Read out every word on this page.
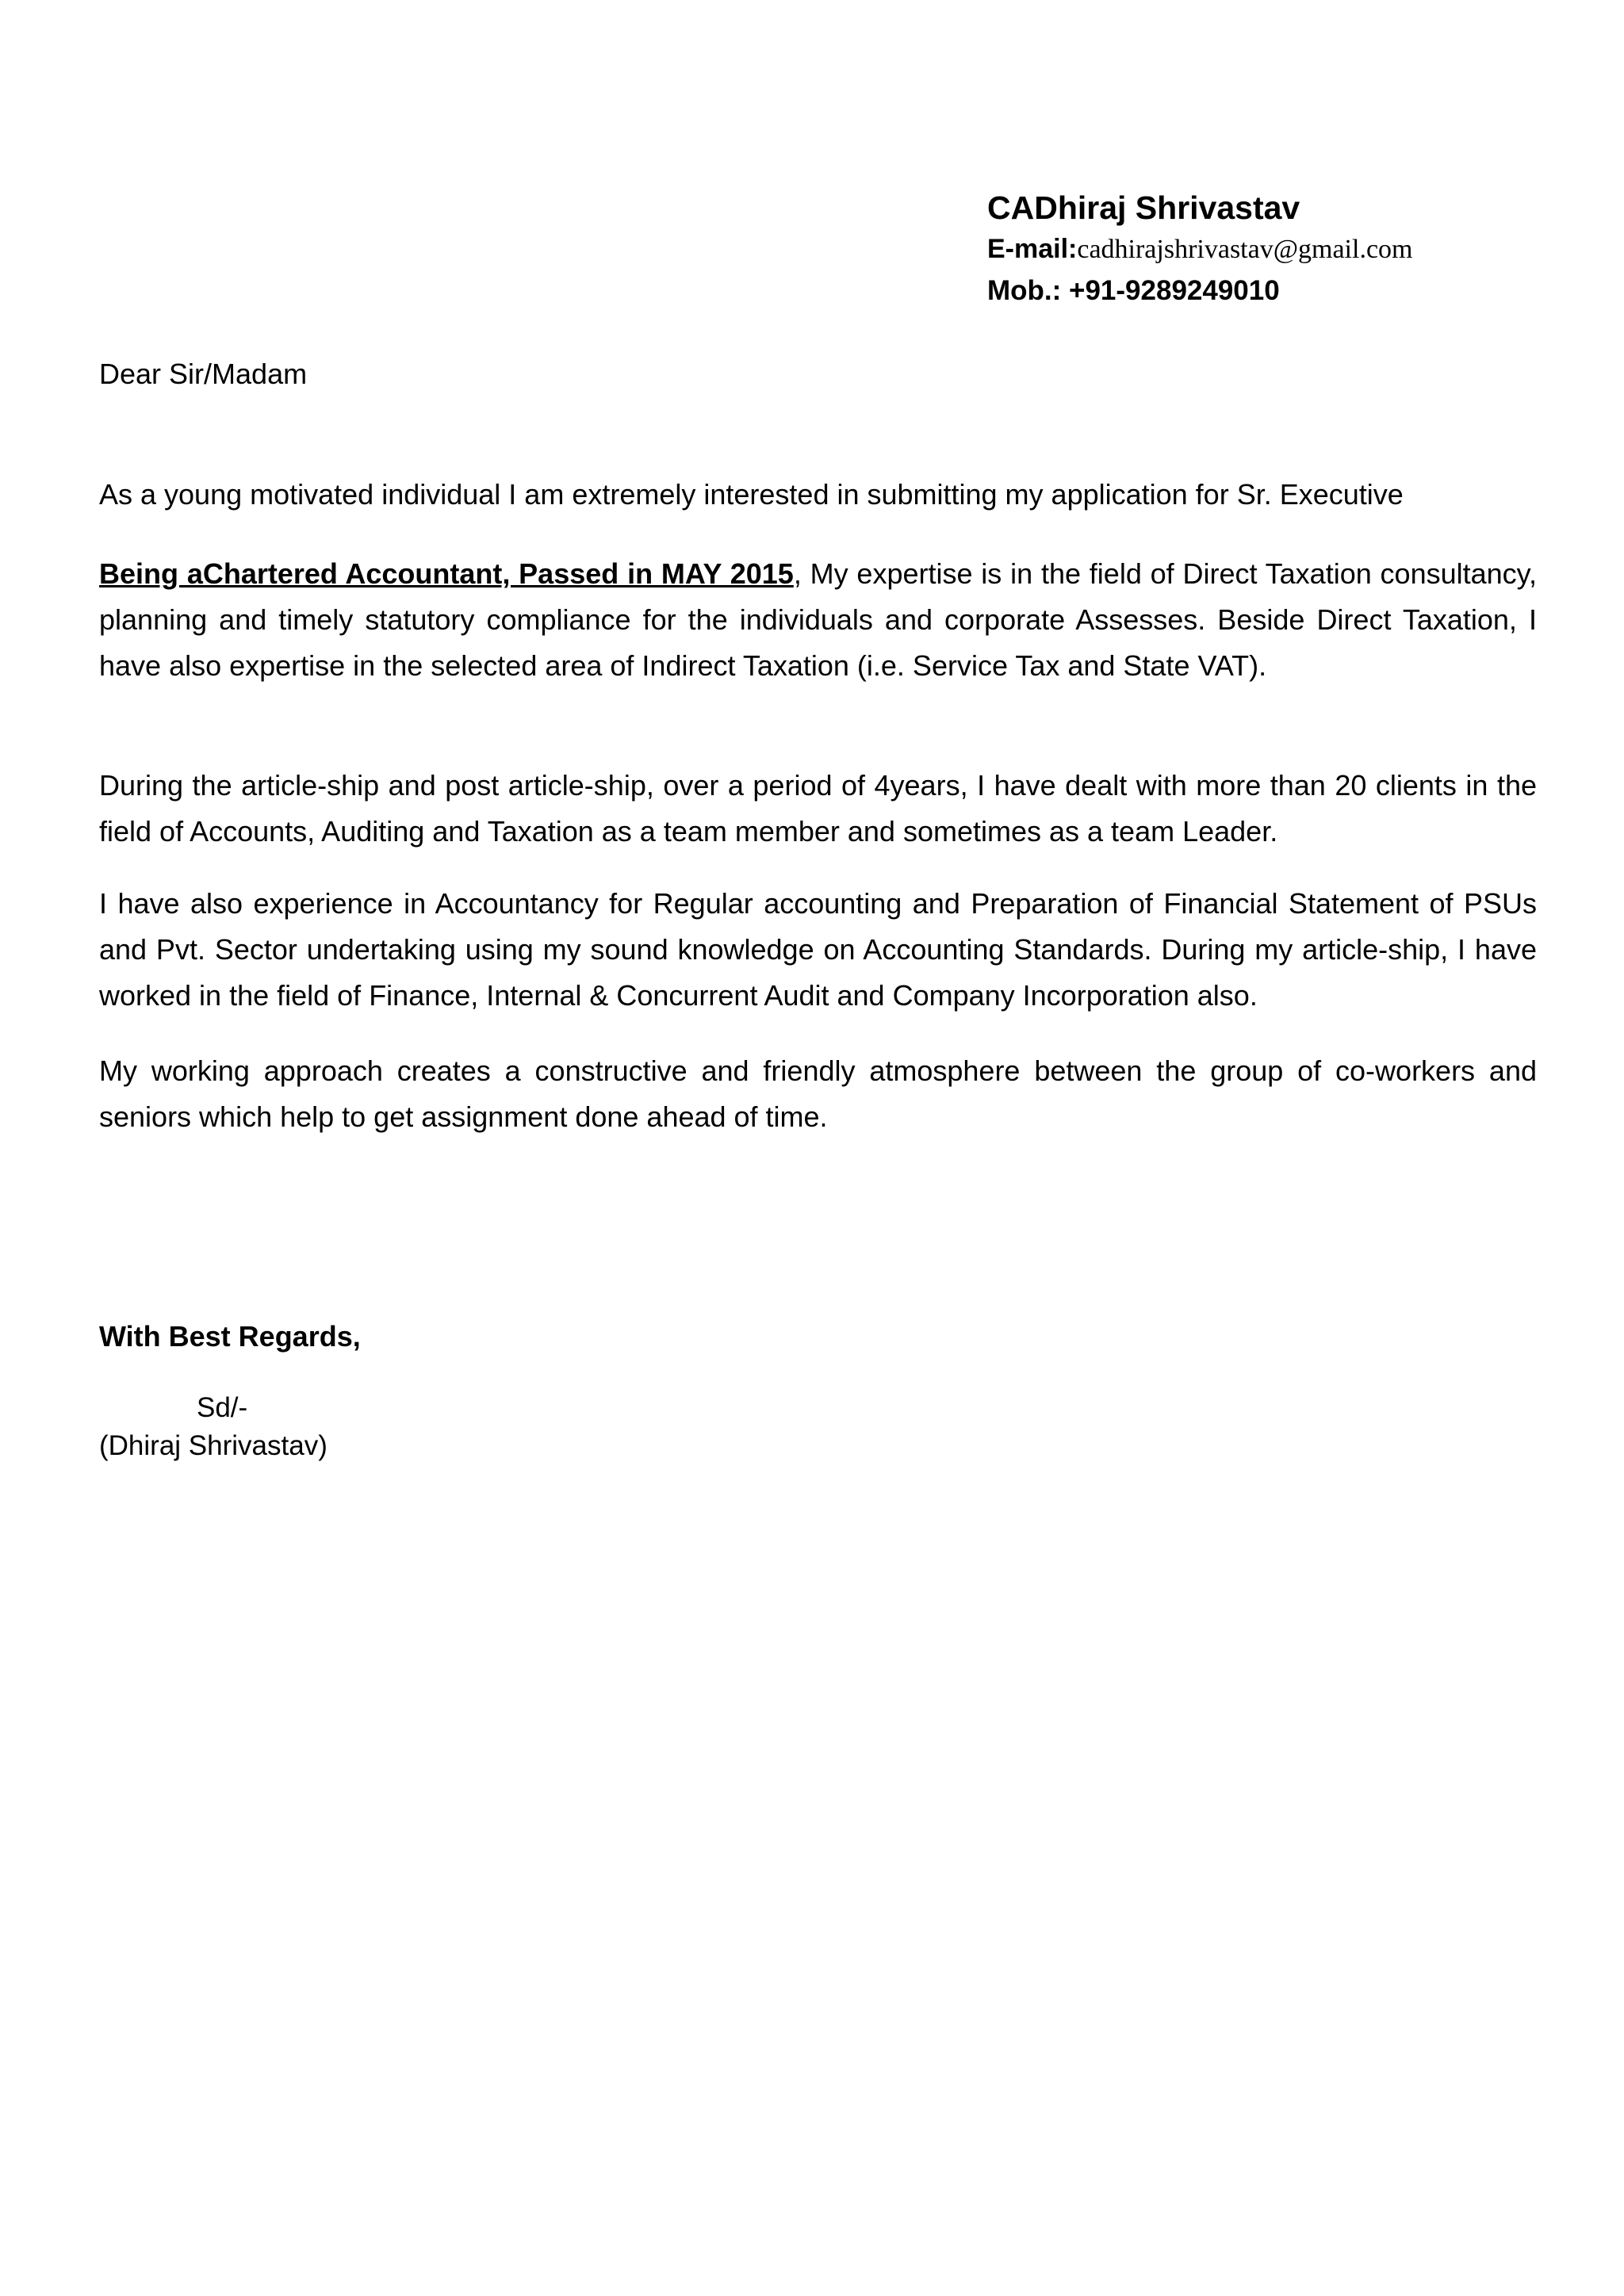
CADhiraj Shrivastav

E-mail:cadhirajshrivastav@gmail.com

Mob.: +91-9289249010

Dear Sir/Madam

As a young motivated individual I am extremely interested in submitting my application for Sr. Executive

Being aChartered Accountant, Passed in MAY 2015, My expertise is in the field of Direct Taxation consultancy, planning and timely statutory compliance for the individuals and corporate Assesses. Beside Direct Taxation, I have also expertise in the selected area of Indirect Taxation (i.e. Service Tax and State VAT).

During the article-ship and post article-ship, over a period of 4years, I have dealt with more than 20 clients in the field of Accounts, Auditing and Taxation as a team member and sometimes as a team Leader.

I have also experience in Accountancy for Regular accounting and Preparation of Financial Statement of PSUs and Pvt. Sector undertaking using my sound knowledge on Accounting Standards. During my article-ship, I have worked in the field of Finance, Internal & Concurrent Audit and Company Incorporation also.

My working approach creates a constructive and friendly atmosphere between the group of co-workers and seniors which help to get assignment done ahead of time.

With Best Regards,

Sd/-

(Dhiraj Shrivastav)
